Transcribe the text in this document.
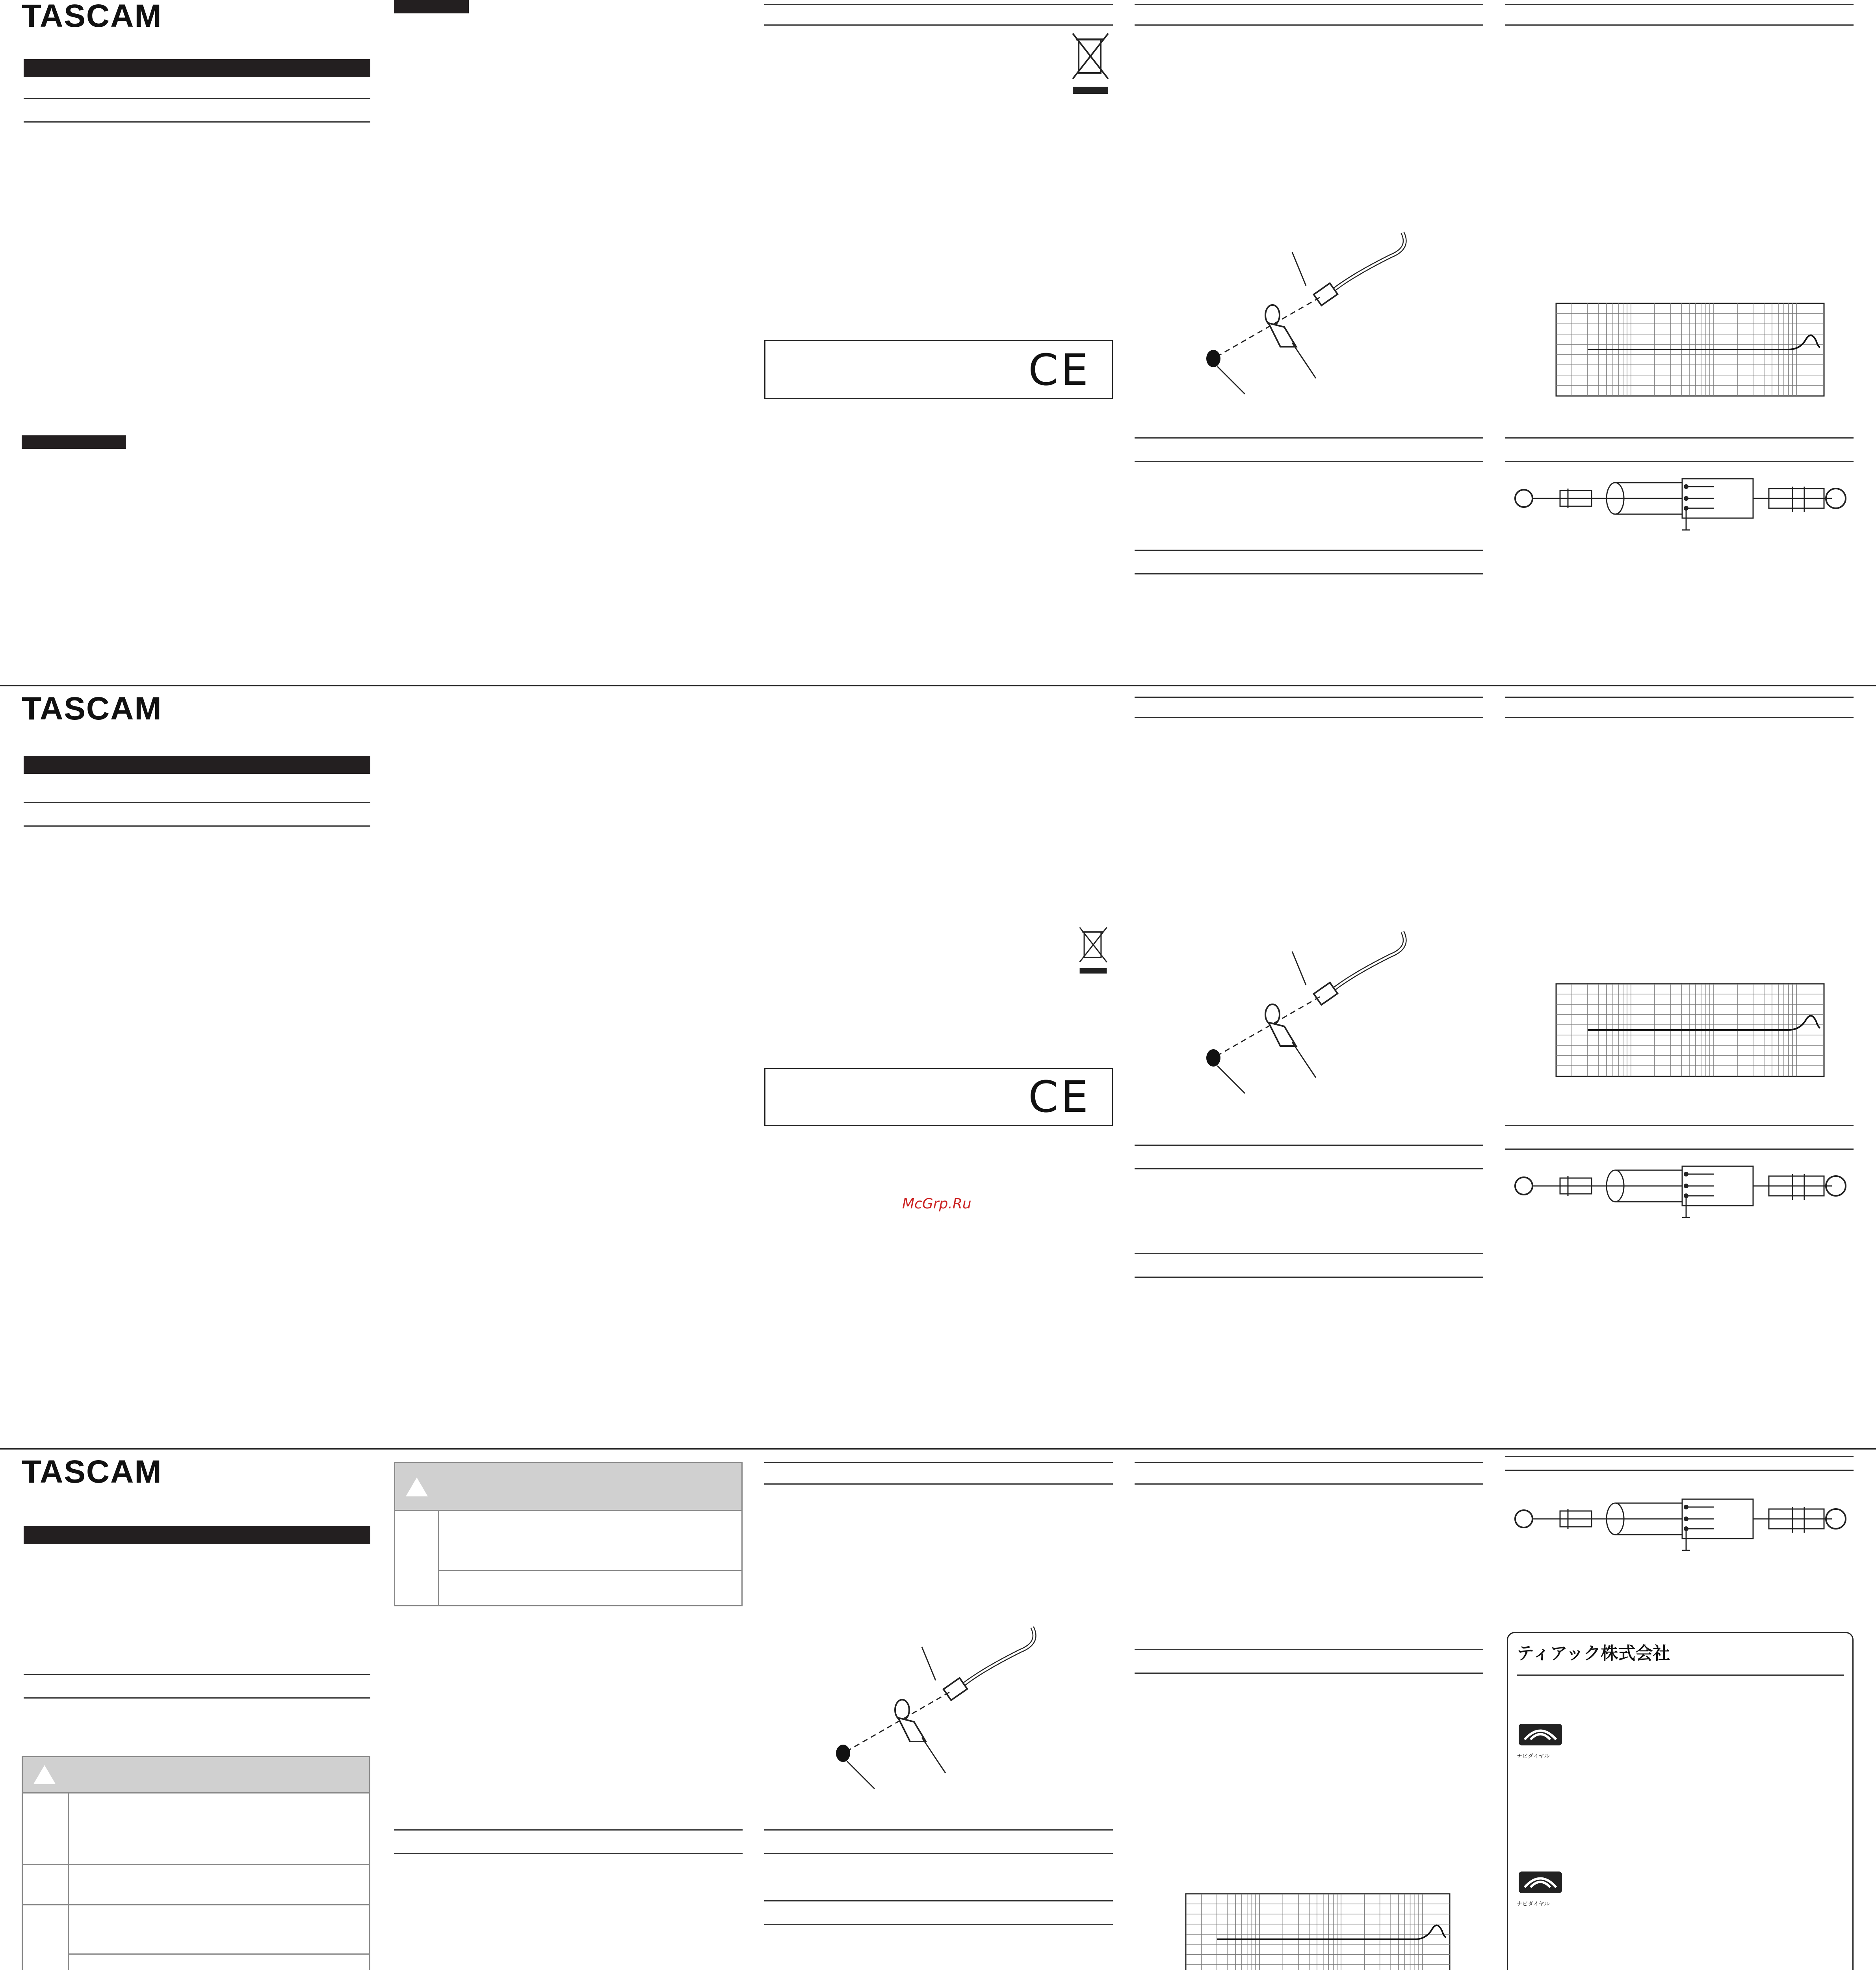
TASCAM
CE
TASCAM
CE
McGrp.Ru
TASCAM
ティアック株式会社
ナビダイヤル
ナビダイヤル
